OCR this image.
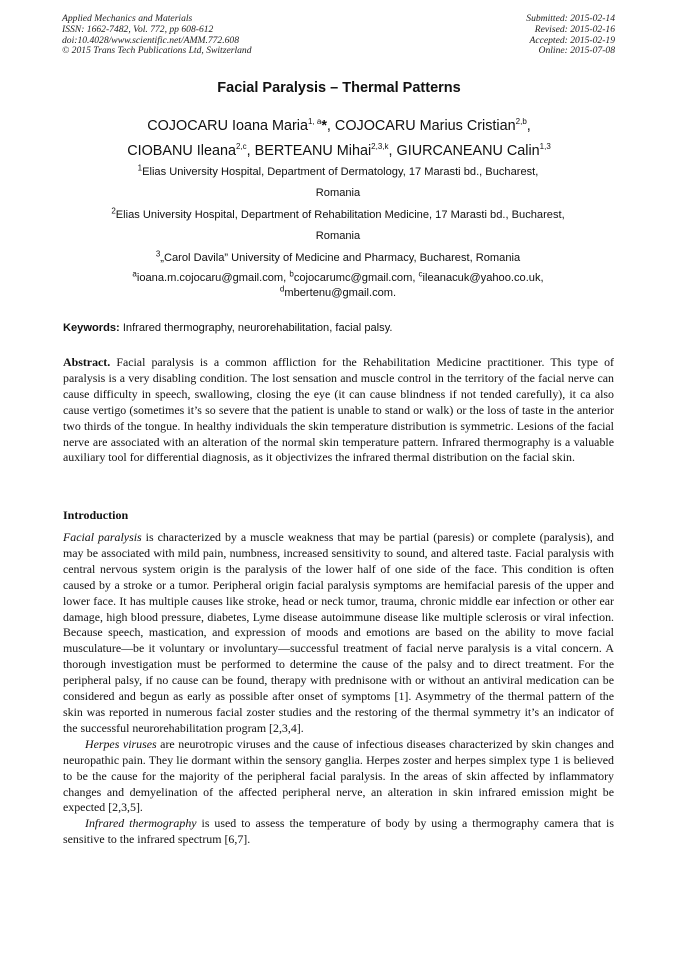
Applied Mechanics and Materials
ISSN: 1662-7482, Vol. 772, pp 608-612
doi:10.4028/www.scientific.net/AMM.772.608
© 2015 Trans Tech Publications Ltd, Switzerland
Submitted: 2015-02-14
Revised: 2015-02-16
Accepted: 2015-02-19
Online: 2015-07-08
Facial Paralysis – Thermal Patterns
COJOCARU Ioana Maria$^{1, a}$*, COJOCARU Marius Cristian$^{2,b}$,
CIOBANU Ileana$^{2,c}$, BERTEANU Mihai$^{2,3,k}$, GIURCANEANU Calin$^{1,3}$
$^1$Elias University Hospital, Department of Dermatology, 17 Marasti bd., Bucharest,
Romania
$^2$Elias University Hospital, Department of Rehabilitation Medicine, 17 Marasti bd., Bucharest,
Romania
$^3$„Carol Davila” University of Medicine and Pharmacy, Bucharest, Romania
$^a$ioana.m.cojocaru@gmail.com, $^b$cojocarumc@gmail.com, $^c$ileanacuk@yahoo.co.uk,
$^d$mbertenu@gmail.com.
Keywords: Infrared thermography, neurorehabilitation, facial palsy.
Abstract. Facial paralysis is a common affliction for the Rehabilitation Medicine practitioner. This type of paralysis is a very disabling condition. The lost sensation and muscle control in the territory of the facial nerve can cause difficulty in speech, swallowing, closing the eye (it can cause blindness if not tended carefully), it ca also cause vertigo (sometimes it’s so severe that the patient is unable to stand or walk) or the loss of taste in the anterior two thirds of the tongue. In healthy individuals the skin temperature distribution is symmetric. Lesions of the facial nerve are associated with an alteration of the normal skin temperature pattern. Infrared thermography is a valuable auxiliary tool for differential diagnosis, as it objectivizes the infrared thermal distribution on the facial skin.
Introduction

Facial paralysis is characterized by a muscle weakness that may be partial (paresis) or complete (paralysis), and may be associated with mild pain, numbness, increased sensitivity to sound, and altered taste. Facial paralysis with central nervous system origin is the paralysis of the lower half of one side of the face. This condition is often caused by a stroke or a tumor. Peripheral origin facial paralysis symptoms are hemifacial paresis of the upper and lower face. It has multiple causes like stroke, head or neck tumor, trauma, chronic middle ear infection or other ear damage, high blood pressure, diabetes, Lyme disease autoimmune disease like multiple sclerosis or viral infection. Because speech, mastication, and expression of moods and emotions are based on the ability to move facial musculature—be it voluntary or involuntary—successful treatment of facial nerve paralysis is a vital concern. A thorough investigation must be performed to determine the cause of the palsy and to direct treatment. For the peripheral palsy, if no cause can be found, therapy with prednisone with or without an antiviral medication can be considered and begun as early as possible after onset of symptoms [1]. Asymmetry of the thermal pattern of the skin was reported in numerous facial zoster studies and the restoring of the thermal symmetry it’s an indicator of the successful neurorehabilitation program [2,3,4].

Herpes viruses are neurotropic viruses and the cause of infectious diseases characterized by skin changes and neuropathic pain. They lie dormant within the sensory ganglia. Herpes zoster and herpes simplex type 1 is believed to be the cause for the majority of the peripheral facial paralysis. In the areas of skin affected by inflammatory changes and demyelination of the affected peripheral nerve, an alteration in skin infrared emission might be expected [2,3,5].

Infrared thermography is used to assess the temperature of body by using a thermography camera that is sensitive to the infrared spectrum [6,7].
